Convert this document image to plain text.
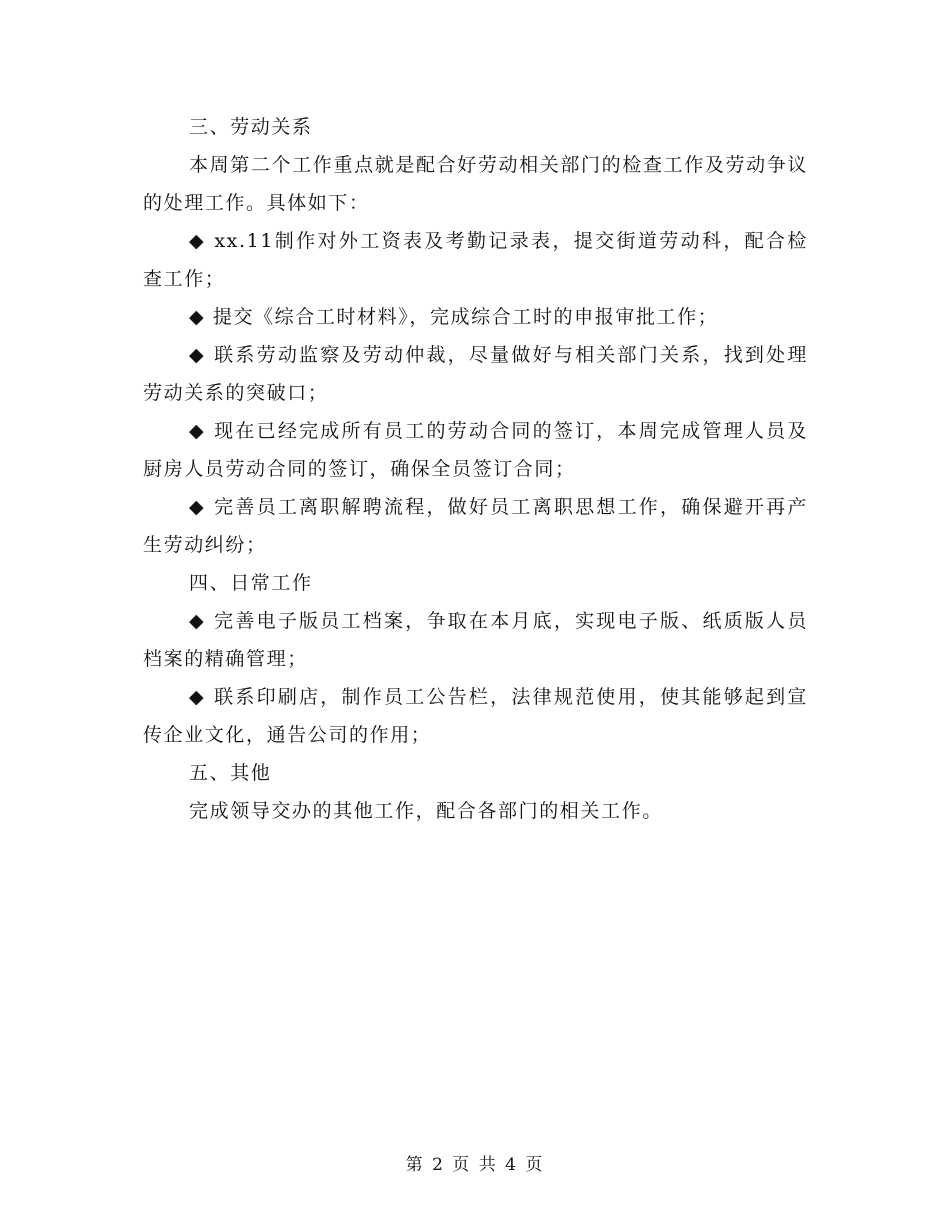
三、劳动关系

本周第二个工作重点就是配合好劳动相关部门的检查工作及劳动争议的处理工作。具体如下：

◆ xx.11制作对外工资表及考勤记录表，提交街道劳动科，配合检查工作；

◆ 提交《综合工时材料》，完成综合工时的申报审批工作；

◆ 联系劳动监察及劳动仲裁，尽量做好与相关部门关系，找到处理劳动关系的突破口；

◆ 现在已经完成所有员工的劳动合同的签订，本周完成管理人员及厨房人员劳动合同的签订，确保全员签订合同；

◆ 完善员工离职解聘流程，做好员工离职思想工作，确保避开再产生劳动纠纷；

四、日常工作

◆ 完善电子版员工档案，争取在本月底，实现电子版、纸质版人员档案的精确管理；

◆ 联系印刷店，制作员工公告栏，法律规范使用，使其能够起到宣传企业文化，通告公司的作用；

五、其他

完成领导交办的其他工作，配合各部门的相关工作。

第 2 页 共 4 页
